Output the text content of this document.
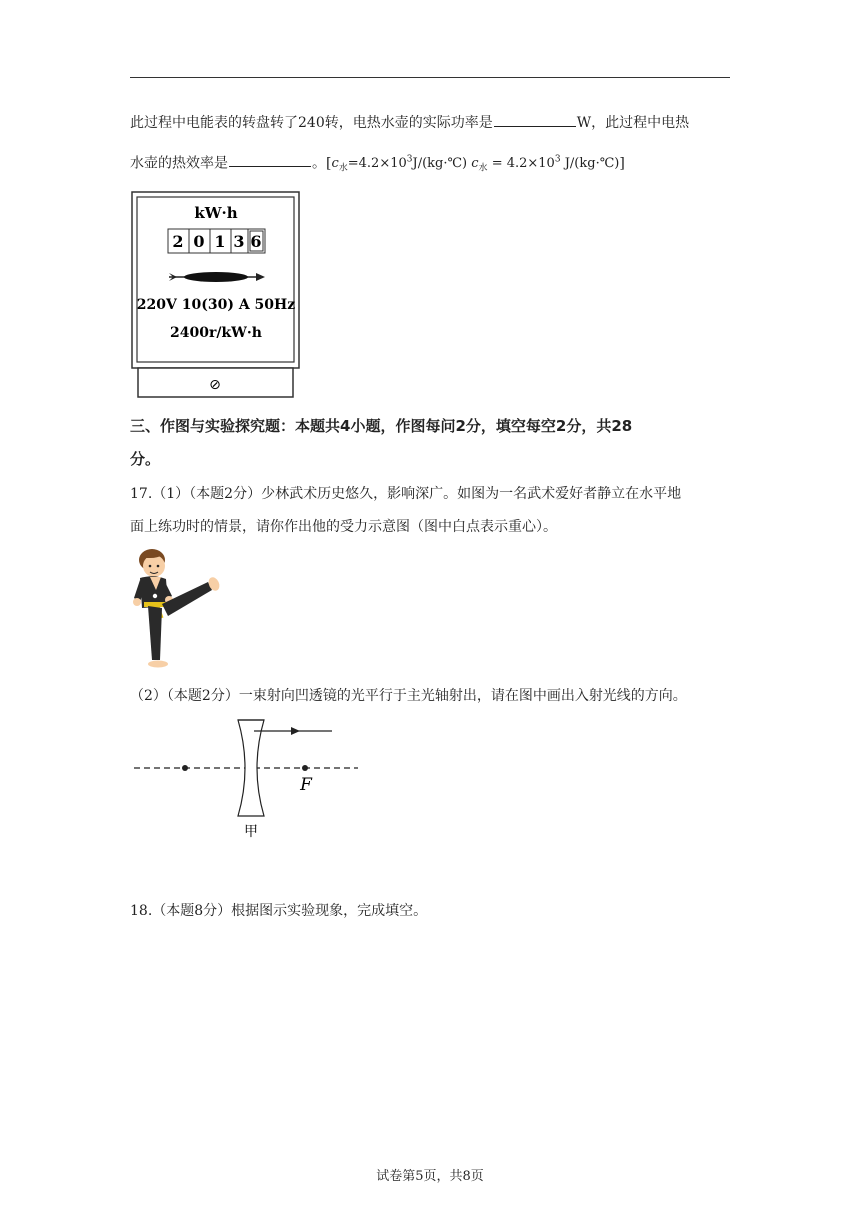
此过程中电能表的转盘转了240转，电热水壶的实际功率是	W，此过程中电热
水壶的热效率是	。[$c_水=4.2\times 10^3J/(kg\cdot℃) c_水 = 4.2\times 10^3$ J/(kg·℃)]
kW·h
2 0 1 3 6
220V 10(30) A 50Hz
2400r/kW·h
⊘
三、作图与实验探究题：本题共4小题，作图每问2分，填空每空2分，共28
分。
17.（1）（本题2分）少林武术历史悠久，影响深广。如图为一名武术爱好者静立在水平地
面上练功时的情景，请你作出他的受力示意图（图中白点表示重心）。
（2）（本题2分）一束射向凹透镜的光平行于主光轴射出，请在图中画出入射光线的方向。
F
甲
18.（本题8分）根据图示实验现象，完成填空。
试卷第5页，共8页
